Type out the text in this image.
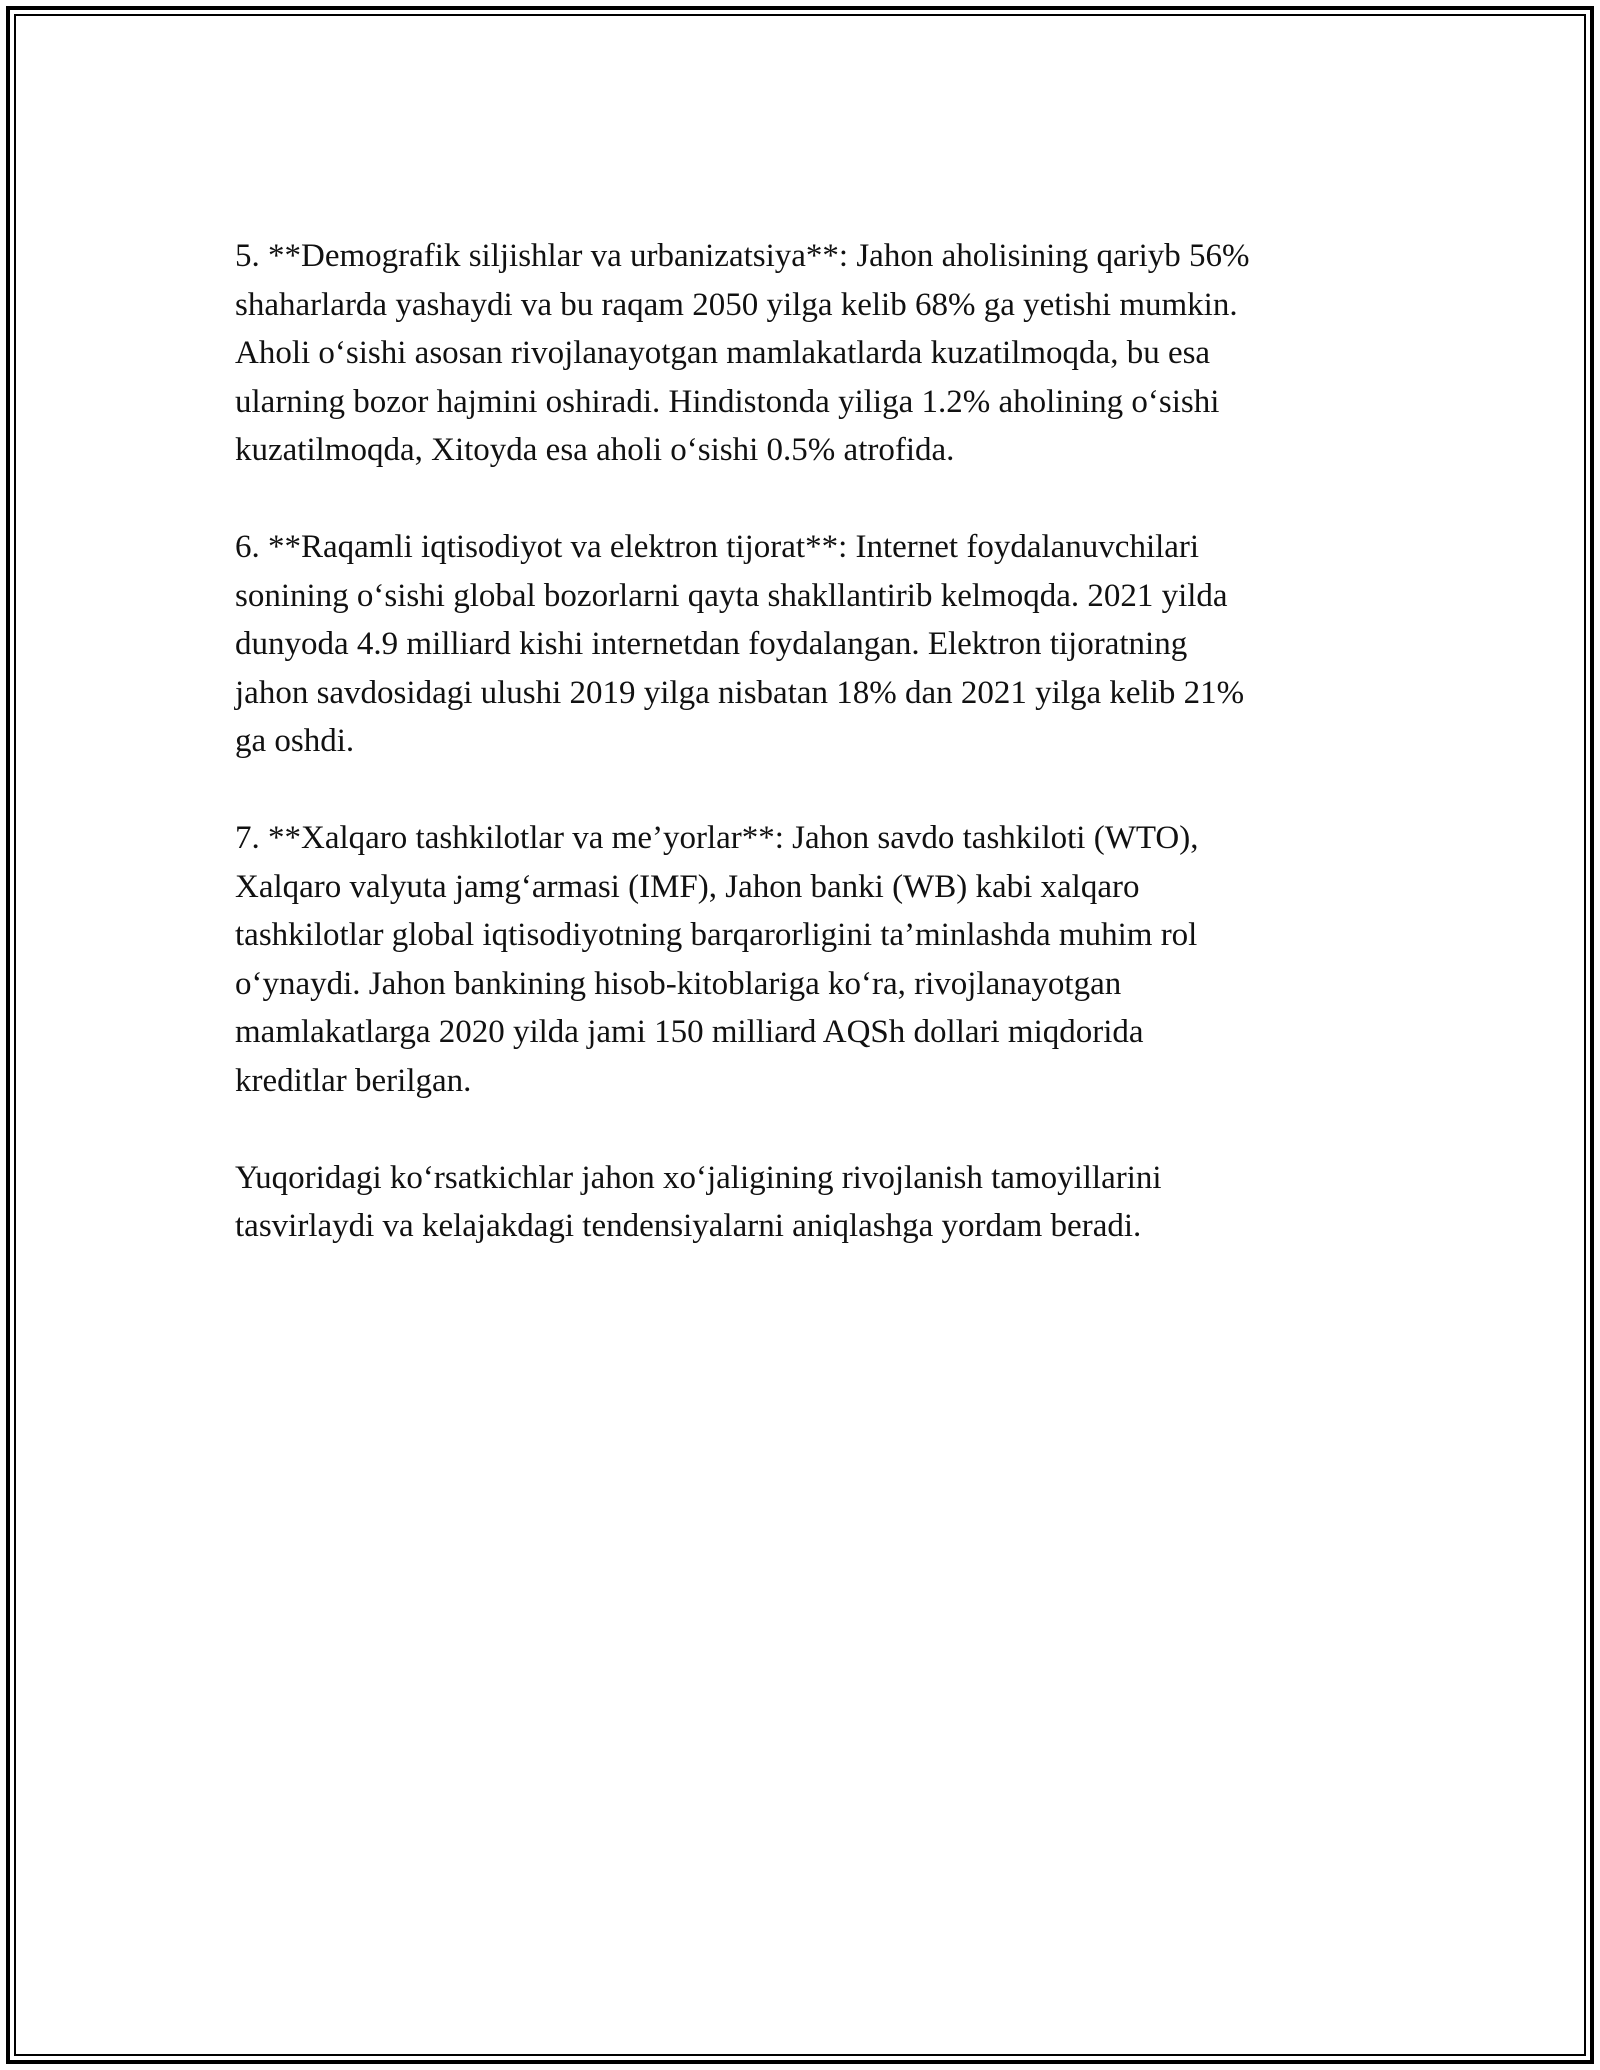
5. **Demografik siljishlar va urbanizatsiya**: Jahon aholisining qariyb 56%
shaharlarda yashaydi va bu raqam 2050 yilga kelib 68% ga yetishi mumkin.
Aholi o‘sishi asosan rivojlanayotgan mamlakatlarda kuzatilmoqda, bu esa
ularning bozor hajmini oshiradi. Hindistonda yiliga 1.2% aholining o‘sishi
kuzatilmoqda, Xitoyda esa aholi o‘sishi 0.5% atrofida.

6. **Raqamli iqtisodiyot va elektron tijorat**: Internet foydalanuvchilari
sonining o‘sishi global bozorlarni qayta shakllantirib kelmoqda. 2021 yilda
dunyoda 4.9 milliard kishi internetdan foydalangan. Elektron tijoratning
jahon savdosidagi ulushi 2019 yilga nisbatan 18% dan 2021 yilga kelib 21%
ga oshdi.

7. **Xalqaro tashkilotlar va me’yorlar**: Jahon savdo tashkiloti (WTO),
Xalqaro valyuta jamg‘armasi (IMF), Jahon banki (WB) kabi xalqaro
tashkilotlar global iqtisodiyotning barqarorligini ta’minlashda muhim rol
o‘ynaydi. Jahon bankining hisob-kitoblariga ko‘ra, rivojlanayotgan
mamlakatlarga 2020 yilda jami 150 milliard AQSh dollari miqdorida
kreditlar berilgan.

Yuqoridagi ko‘rsatkichlar jahon xo‘jaligining rivojlanish tamoyillarini
tasvirlaydi va kelajakdagi tendensiyalarni aniqlashga yordam beradi.
